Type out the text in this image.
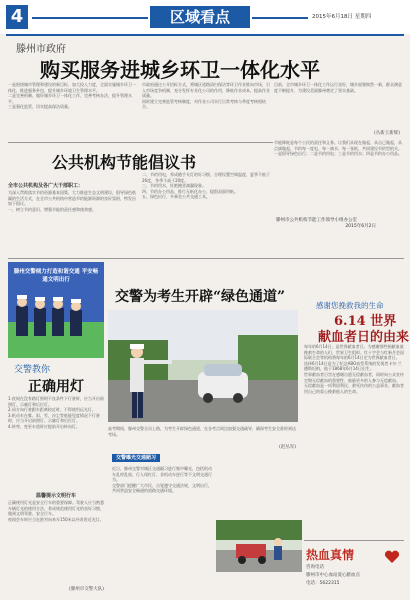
4	区域看点	2015年6月18日 星期四
滕州市政府
购买服务进城乡环卫一体化水平

一是围绕城市管理和建设的新目标，加大投入力度，全面实施城乡环卫一体化，推进服务外包，提升城乡环境卫生管理水平。

二是完善机制，做好城乡环卫一体化工作，完善考核办法，提升管理水平。

三是强化监管，切实提高保洁质量。

市政府通过公开招标方式，将城区道路清扫保洁等环卫作业推向市场，引入市场竞争机制，充分发挥专业化公司的作用，降低作业成本，提高作业质量。

同时建立完善监管考核制度，对作业公司实行日常考核与季度考核相结合。

目前，全市城乡环卫一体化工作运行良好，城乡面貌焕然一新，群众满意度不断提升，为建设美丽滕州奠定了坚实基础。

(丛新王新辉)
公共机构节能倡议书

节能降耗是每个公民的责任和义务。让我们从现在做起，从自己做起，从点滴做起，节约每一度电、每一滴水、每一张纸，共同建设节约型机关。

一是倡导绿色出行；二是节约用电；三是节约用水；四是节约办公用品。

滕州市公共机构节能工作领导小组办公室
2015年6月2日
全市公共机构及各广大干部职工：

为深入贯彻落实节约资源基本国策，大力推进生态文明建设，倡导绿色低碳的生活方式，在全市公共机构中营造节约能源资源的良好氛围，特发出如下倡议。

一、树立节约意识，增强节能的责任感和使命感。

二、节约用电，养成随手关灯的好习惯，合理设置空调温度，夏季不低于26度，冬季不高于20度。

三、节约用水，杜绝跑冒滴漏现象。

四、节约办公用品，推行无纸化办公，提倡双面用纸。

五、绿色出行，多乘坐公共交通工具。

滕州交警倾力打造和谐交通 平安畅通文明出行
交警为考生开辟“绿色通道”

高考期间，滕州交警全员上路，为考生开辟绿色通道，在各考点周边加强交通疏导，确保考生安全准时到达考场。

(赵丛军)
交警教你
正确用灯

1.夜间在没有路灯照明不良条件下行驶时，应当开启前照灯、示廓灯和后位灯。

2.同方向行驶跟车距离较近时，不得使用远光灯。

3.机动车在雾、雨、雪、沙尘等低能见度情况下行驶时，应当开启前照灯、示廓灯和后位灯。

4.转弯、变更车道时应提前开启转向灯。

温馨提示文明行车

正确使用灯光是安全行车的重要保障。驾驶人应当熟悉车辆灯光的使用方法，养成规范使用灯光的良好习惯，做到文明驾驶、安全行车。

夜间会车时应当在距对向来车150米以外改用近光灯。

(滕州市交警大队)
感谢您挽救我的生命
6.14 世界
献血者日的由来

每年的6月14日，是世界献血者日。为感谢那些捐献血液挽救生命的人们，世界卫生组织、红十字会与红新月会国际联合会等机构将每年的6月14日定为世界献血者日。

选择6月14日是为了纪念ABO血型系统的发现者卡尔·兰德斯坦纳，他于1868年6月14日出生。

世界献血者日旨在感谢自愿无偿献血者，同时向公众宣传定期无偿献血的重要性，鼓励更多的人参与无偿献血。

无偿献血是一项利国利民、救死扶伤的公益事业，献血者用自己的爱心挽救他人的生命。

交警曝光交通陋习

近日，滕州交警对城区交通陋习进行集中曝光，包括机动车乱停乱放、行人闯红灯、非机动车逆行等不文明交通行为。

交警部门提醒广大市民，自觉遵守交通法规，文明出行，共同营造安全畅通的道路交通环境。

热血真情
咨询电话
滕州市中心血站爱心献血点
电话：5622315
